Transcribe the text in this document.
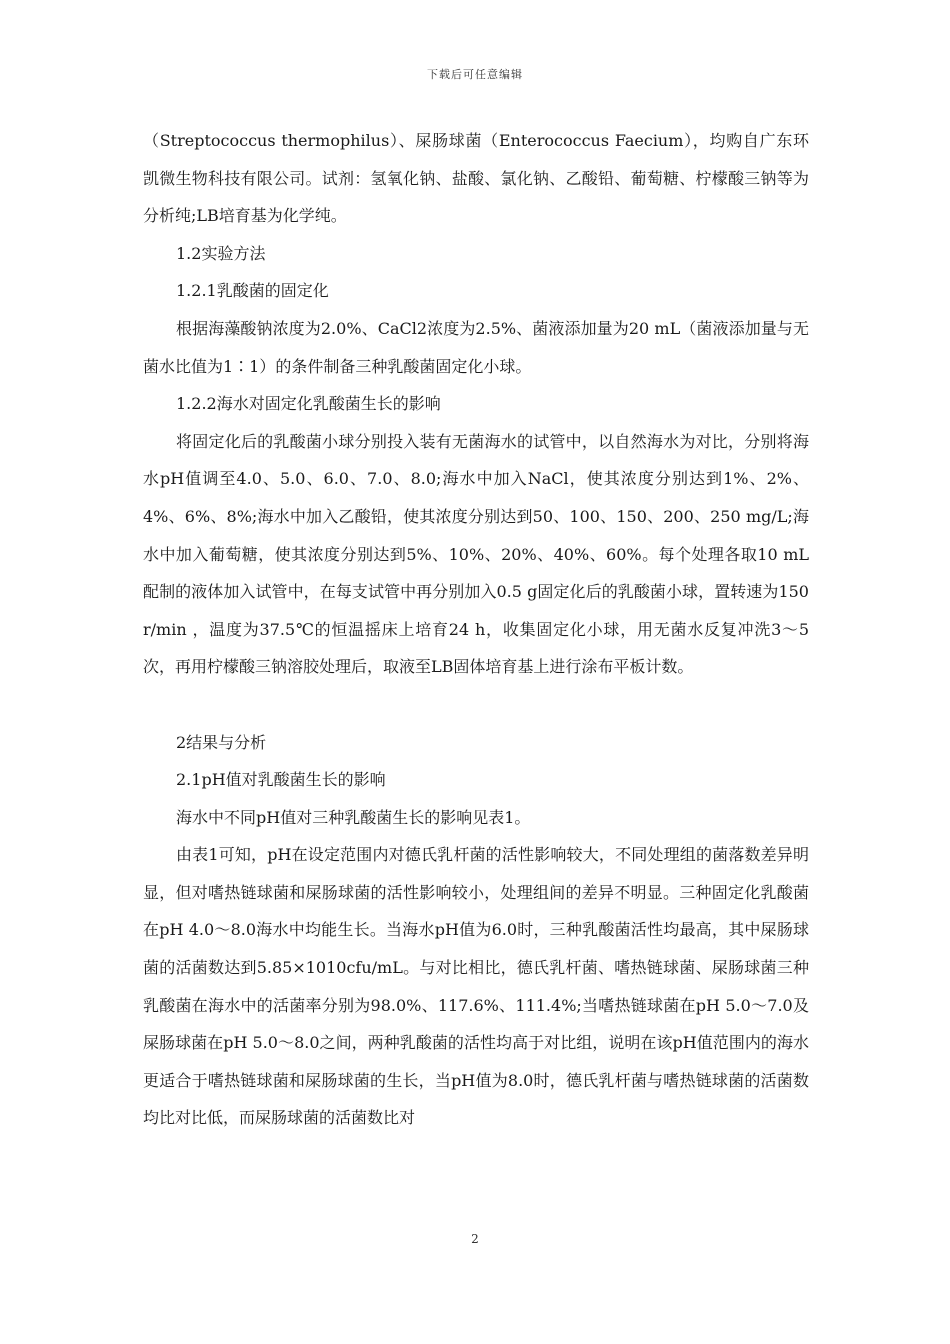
下载后可任意编辑

（Streptococcus thermophilus）、屎肠球菌（Enterococcus Faecium），均购自广东环凯微生物科技有限公司。试剂：氢氧化钠、盐酸、氯化钠、乙酸铅、葡萄糖、柠檬酸三钠等为分析纯;LB培育基为化学纯。

1.2实验方法

1.2.1乳酸菌的固定化

根据海藻酸钠浓度为2.0%、CaCl2浓度为2.5%、菌液添加量为20 mL（菌液添加量与无菌水比值为1∶1）的条件制备三种乳酸菌固定化小球。

1.2.2海水对固定化乳酸菌生长的影响

将固定化后的乳酸菌小球分别投入装有无菌海水的试管中，以自然海水为对比，分别将海水pH值调至4.0、5.0、6.0、7.0、8.0;海水中加入NaCl，使其浓度分别达到1%、2%、4%、6%、8%;海水中加入乙酸铅，使其浓度分别达到50、100、150、200、250 mg/L;海水中加入葡萄糖，使其浓度分别达到5%、10%、20%、40%、60%。每个处理各取10 mL配制的液体加入试管中，在每支试管中再分别加入0.5 g固定化后的乳酸菌小球，置转速为150 r/min ，温度为37.5℃的恒温摇床上培育24 h，收集固定化小球，用无菌水反复冲洗3～5次，再用柠檬酸三钠溶胶处理后，取液至LB固体培育基上进行涂布平板计数。

2结果与分析

2.1pH值对乳酸菌生长的影响

海水中不同pH值对三种乳酸菌生长的影响见表1。

由表1可知，pH在设定范围内对德氏乳杆菌的活性影响较大，不同处理组的菌落数差异明显，但对嗜热链球菌和屎肠球菌的活性影响较小，处理组间的差异不明显。三种固定化乳酸菌在pH 4.0～8.0海水中均能生长。当海水pH值为6.0时，三种乳酸菌活性均最高，其中屎肠球菌的活菌数达到5.85×1010cfu/mL。与对比相比，德氏乳杆菌、嗜热链球菌、屎肠球菌三种乳酸菌在海水中的活菌率分别为98.0%、117.6%、111.4%;当嗜热链球菌在pH 5.0～7.0及屎肠球菌在pH 5.0～8.0之间，两种乳酸菌的活性均高于对比组，说明在该pH值范围内的海水更适合于嗜热链球菌和屎肠球菌的生长，当pH值为8.0时，德氏乳杆菌与嗜热链球菌的活菌数均比对比低，而屎肠球菌的活菌数比对

2
